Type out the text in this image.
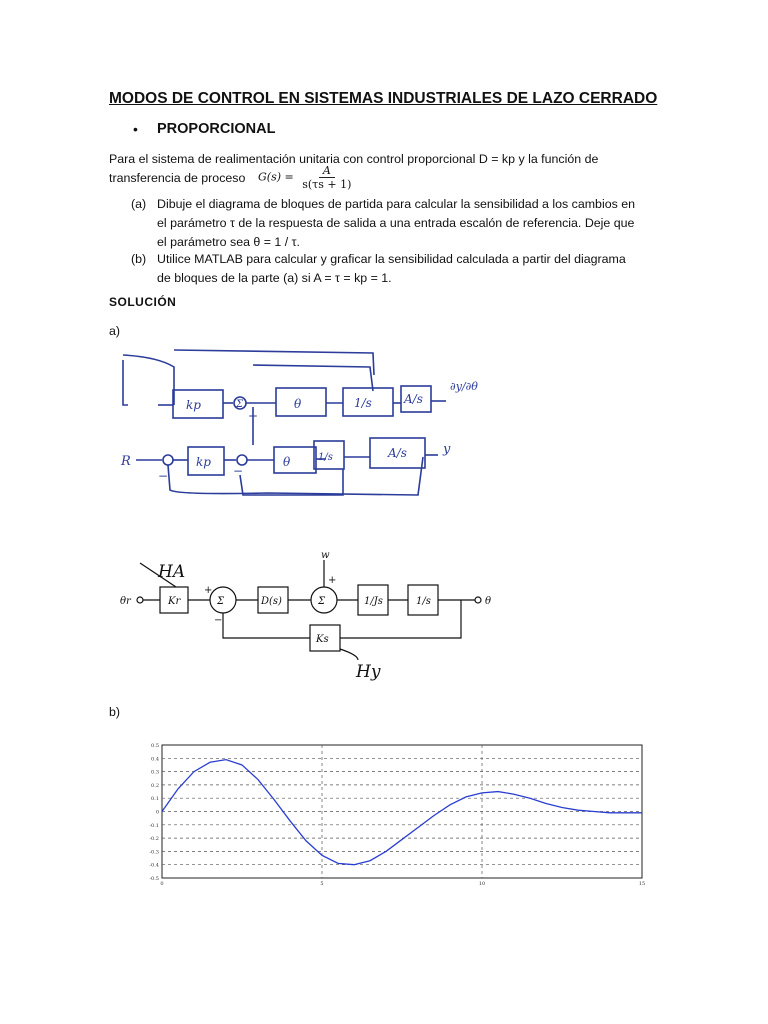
MODOS DE CONTROL EN SISTEMAS INDUSTRIALES DE LAZO CERRADO
• PROPORCIONAL
Para el sistema de realimentación unitaria con control proporcional D = kp y la función de
transferencia de proceso $G(s) = \frac{A}{s(\tau s + 1)}$
(a) Dibuje el diagrama de bloques de partida para calcular la sensibilidad a los cambios en
el parámetro τ de la respuesta de salida a una entrada escalón de referencia. Deje que
el parámetro sea θ = 1 / τ.
(b) Utilice MATLAB para calcular y graficar la sensibilidad calculada a partir del diagrama
de bloques de la parte (a) si A = τ = kp = 1.
SOLUCIÓN
a)
kp	θ	1/s	A/s
Σ
+
R	kp	θ	1/s	A/s	y
−	−
∂y/∂θ
θr	Kr	Σ	D(s)	Σ
w
1/Js	1/s	θ
Ks
+
−
+
HA
Hy
b)
-0.5
-0.4
-0.3
-0.2
-0.1
0
0.1
0.2
0.3
0.4
0.5
0	5	10	15
